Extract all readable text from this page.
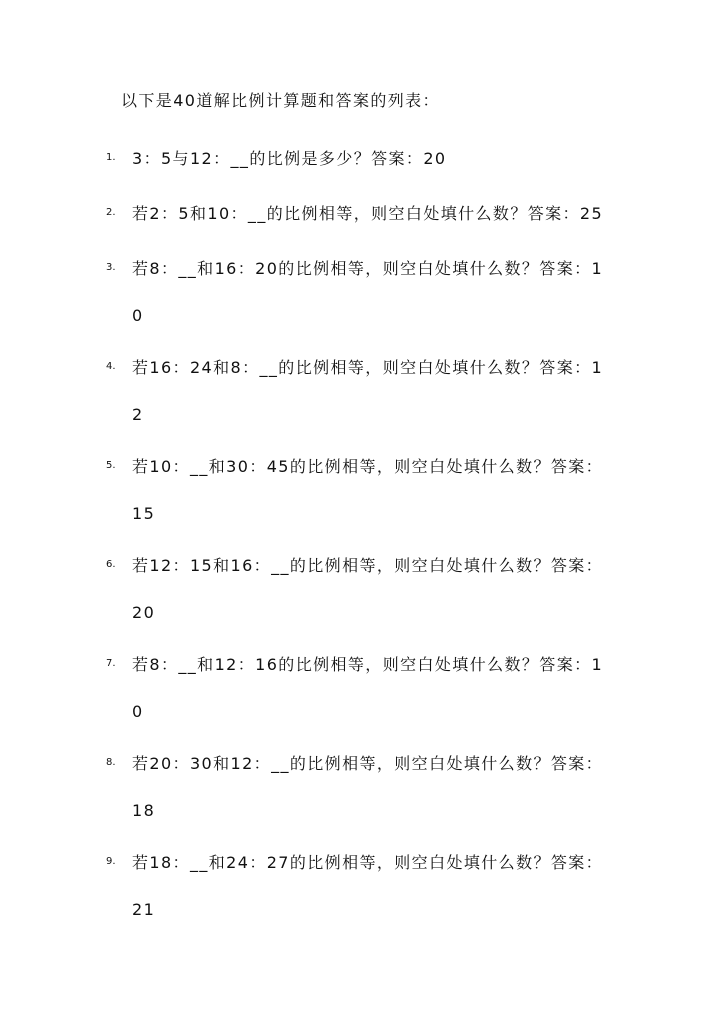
以下是40道解比例计算题和答案的列表：
1. 3：5与12：__的比例是多少？答案：20
2. 若2：5和10：__的比例相等，则空白处填什么数？答案：25
3. 若8：__和16：20的比例相等，则空白处填什么数？答案：1
0
4. 若16：24和8：__的比例相等，则空白处填什么数？答案：1
2
5. 若10：__和30：45的比例相等，则空白处填什么数？答案：
15
6. 若12：15和16：__的比例相等，则空白处填什么数？答案：
20
7. 若8：__和12：16的比例相等，则空白处填什么数？答案：1
0
8. 若20：30和12：__的比例相等，则空白处填什么数？答案：
18
9. 若18：__和24：27的比例相等，则空白处填什么数？答案：
21
